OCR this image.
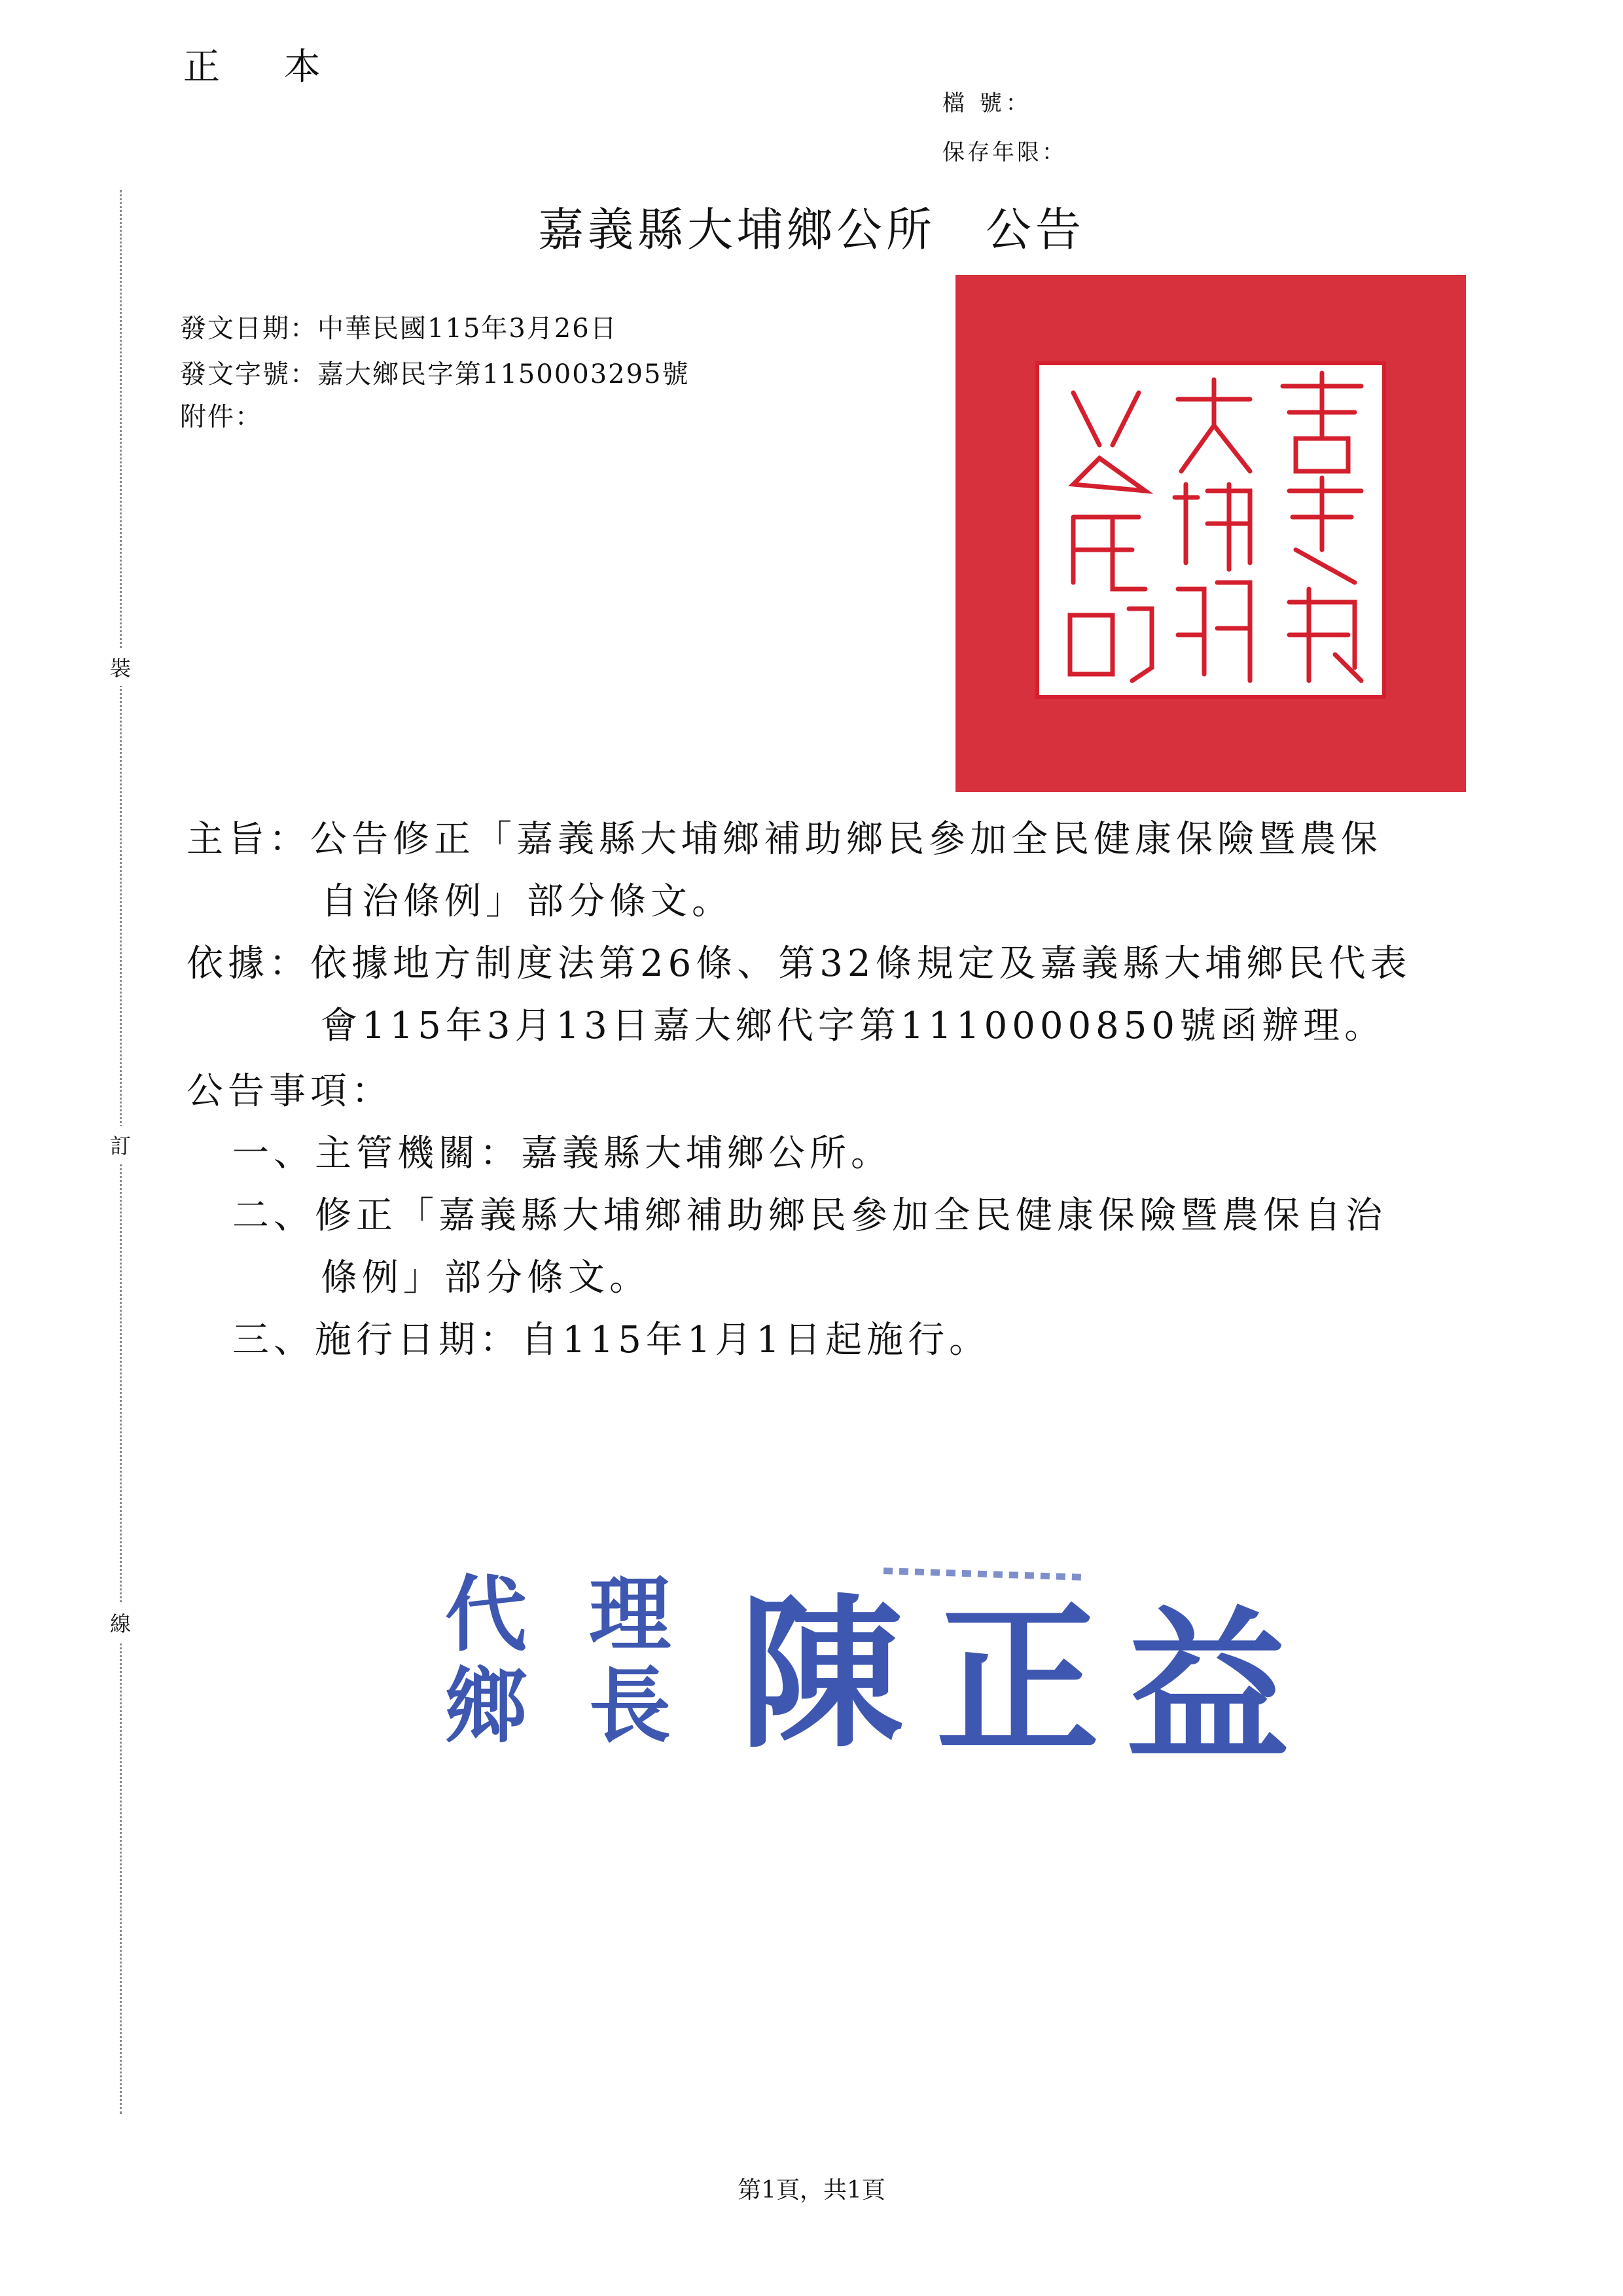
正 本
檔 號：
保存年限：
嘉義縣大埔鄉公所　公告
發文日期：中華民國115年3月26日
發文字號：嘉大鄉民字第1150003295號
附件：
裝
訂
線
主旨：公告修正「嘉義縣大埔鄉補助鄉民參加全民健康保險暨農保
自治條例」部分條文。
依據：依據地方制度法第26條、第32條規定及嘉義縣大埔鄉民代表
會115年3月13日嘉大鄉代字第1110000850號函辦理。
公告事項：
一、主管機關：嘉義縣大埔鄉公所。
二、修正「嘉義縣大埔鄉補助鄉民參加全民健康保險暨農保自治
條例」部分條文。
三、施行日期：自115年1月1日起施行。
代
鄉
理
長 陳 正 益
第1頁，共1頁
